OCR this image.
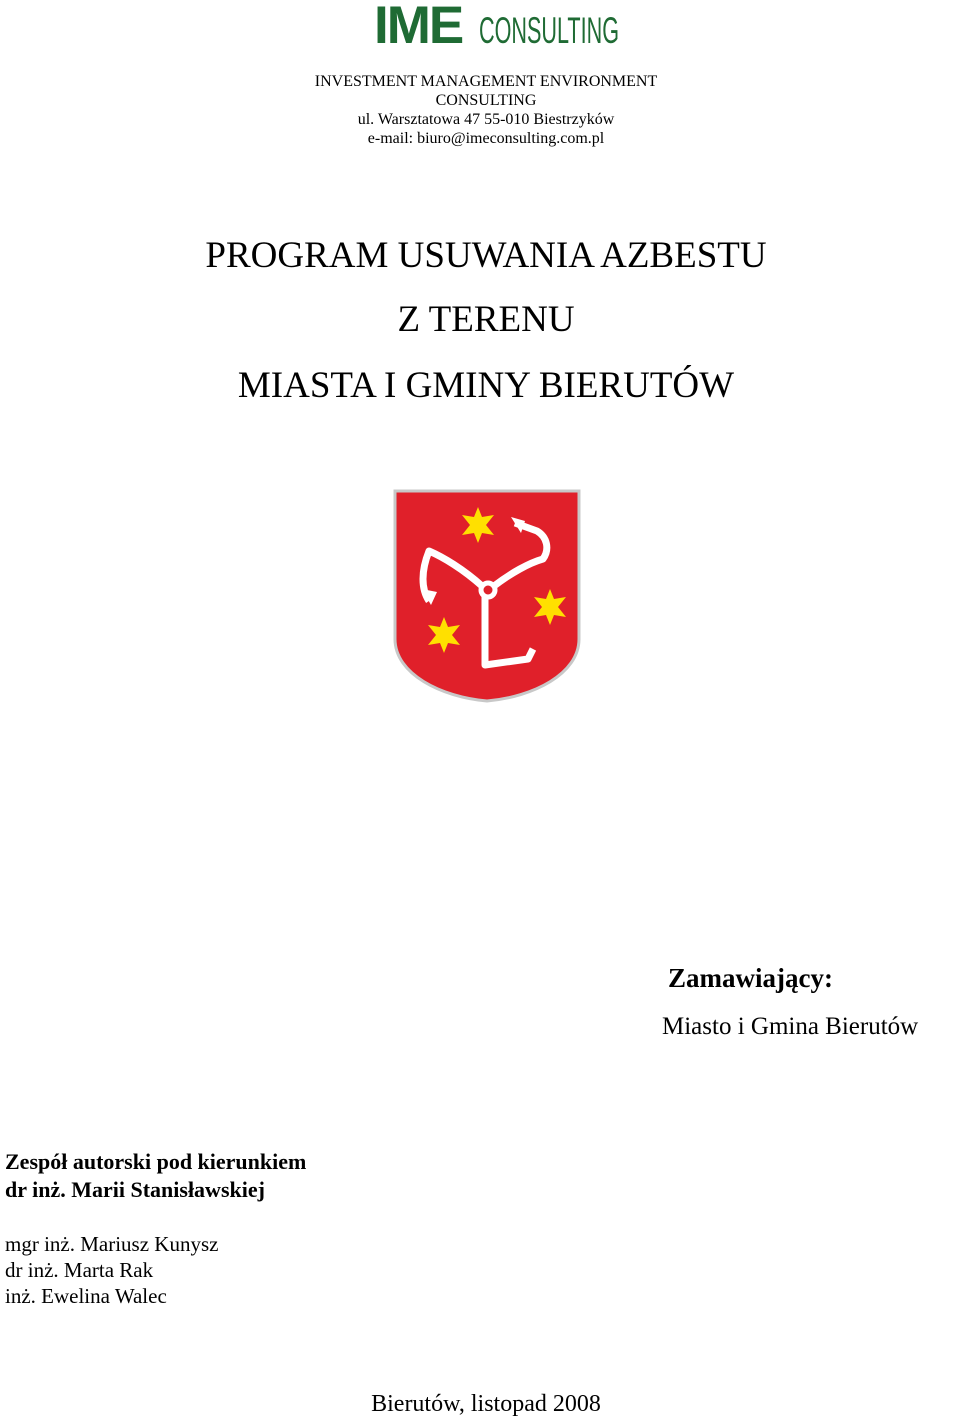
IME CONSULTING
INVESTMENT MANAGEMENT ENVIRONMENT
CONSULTING
ul. Warsztatowa 47 55-010 Biestrzyków
e-mail: biuro@imeconsulting.com.pl
PROGRAM USUWANIA AZBESTU
Z TERENU
MIASTA I GMINY BIERUTÓW
Zamawiający:
Miasto i Gmina Bierutów
Zespół autorski pod kierunkiem
dr inż. Marii Stanisławskiej
mgr inż. Mariusz Kunysz
dr inż. Marta Rak
inż. Ewelina Walec
Bierutów, listopad 2008
